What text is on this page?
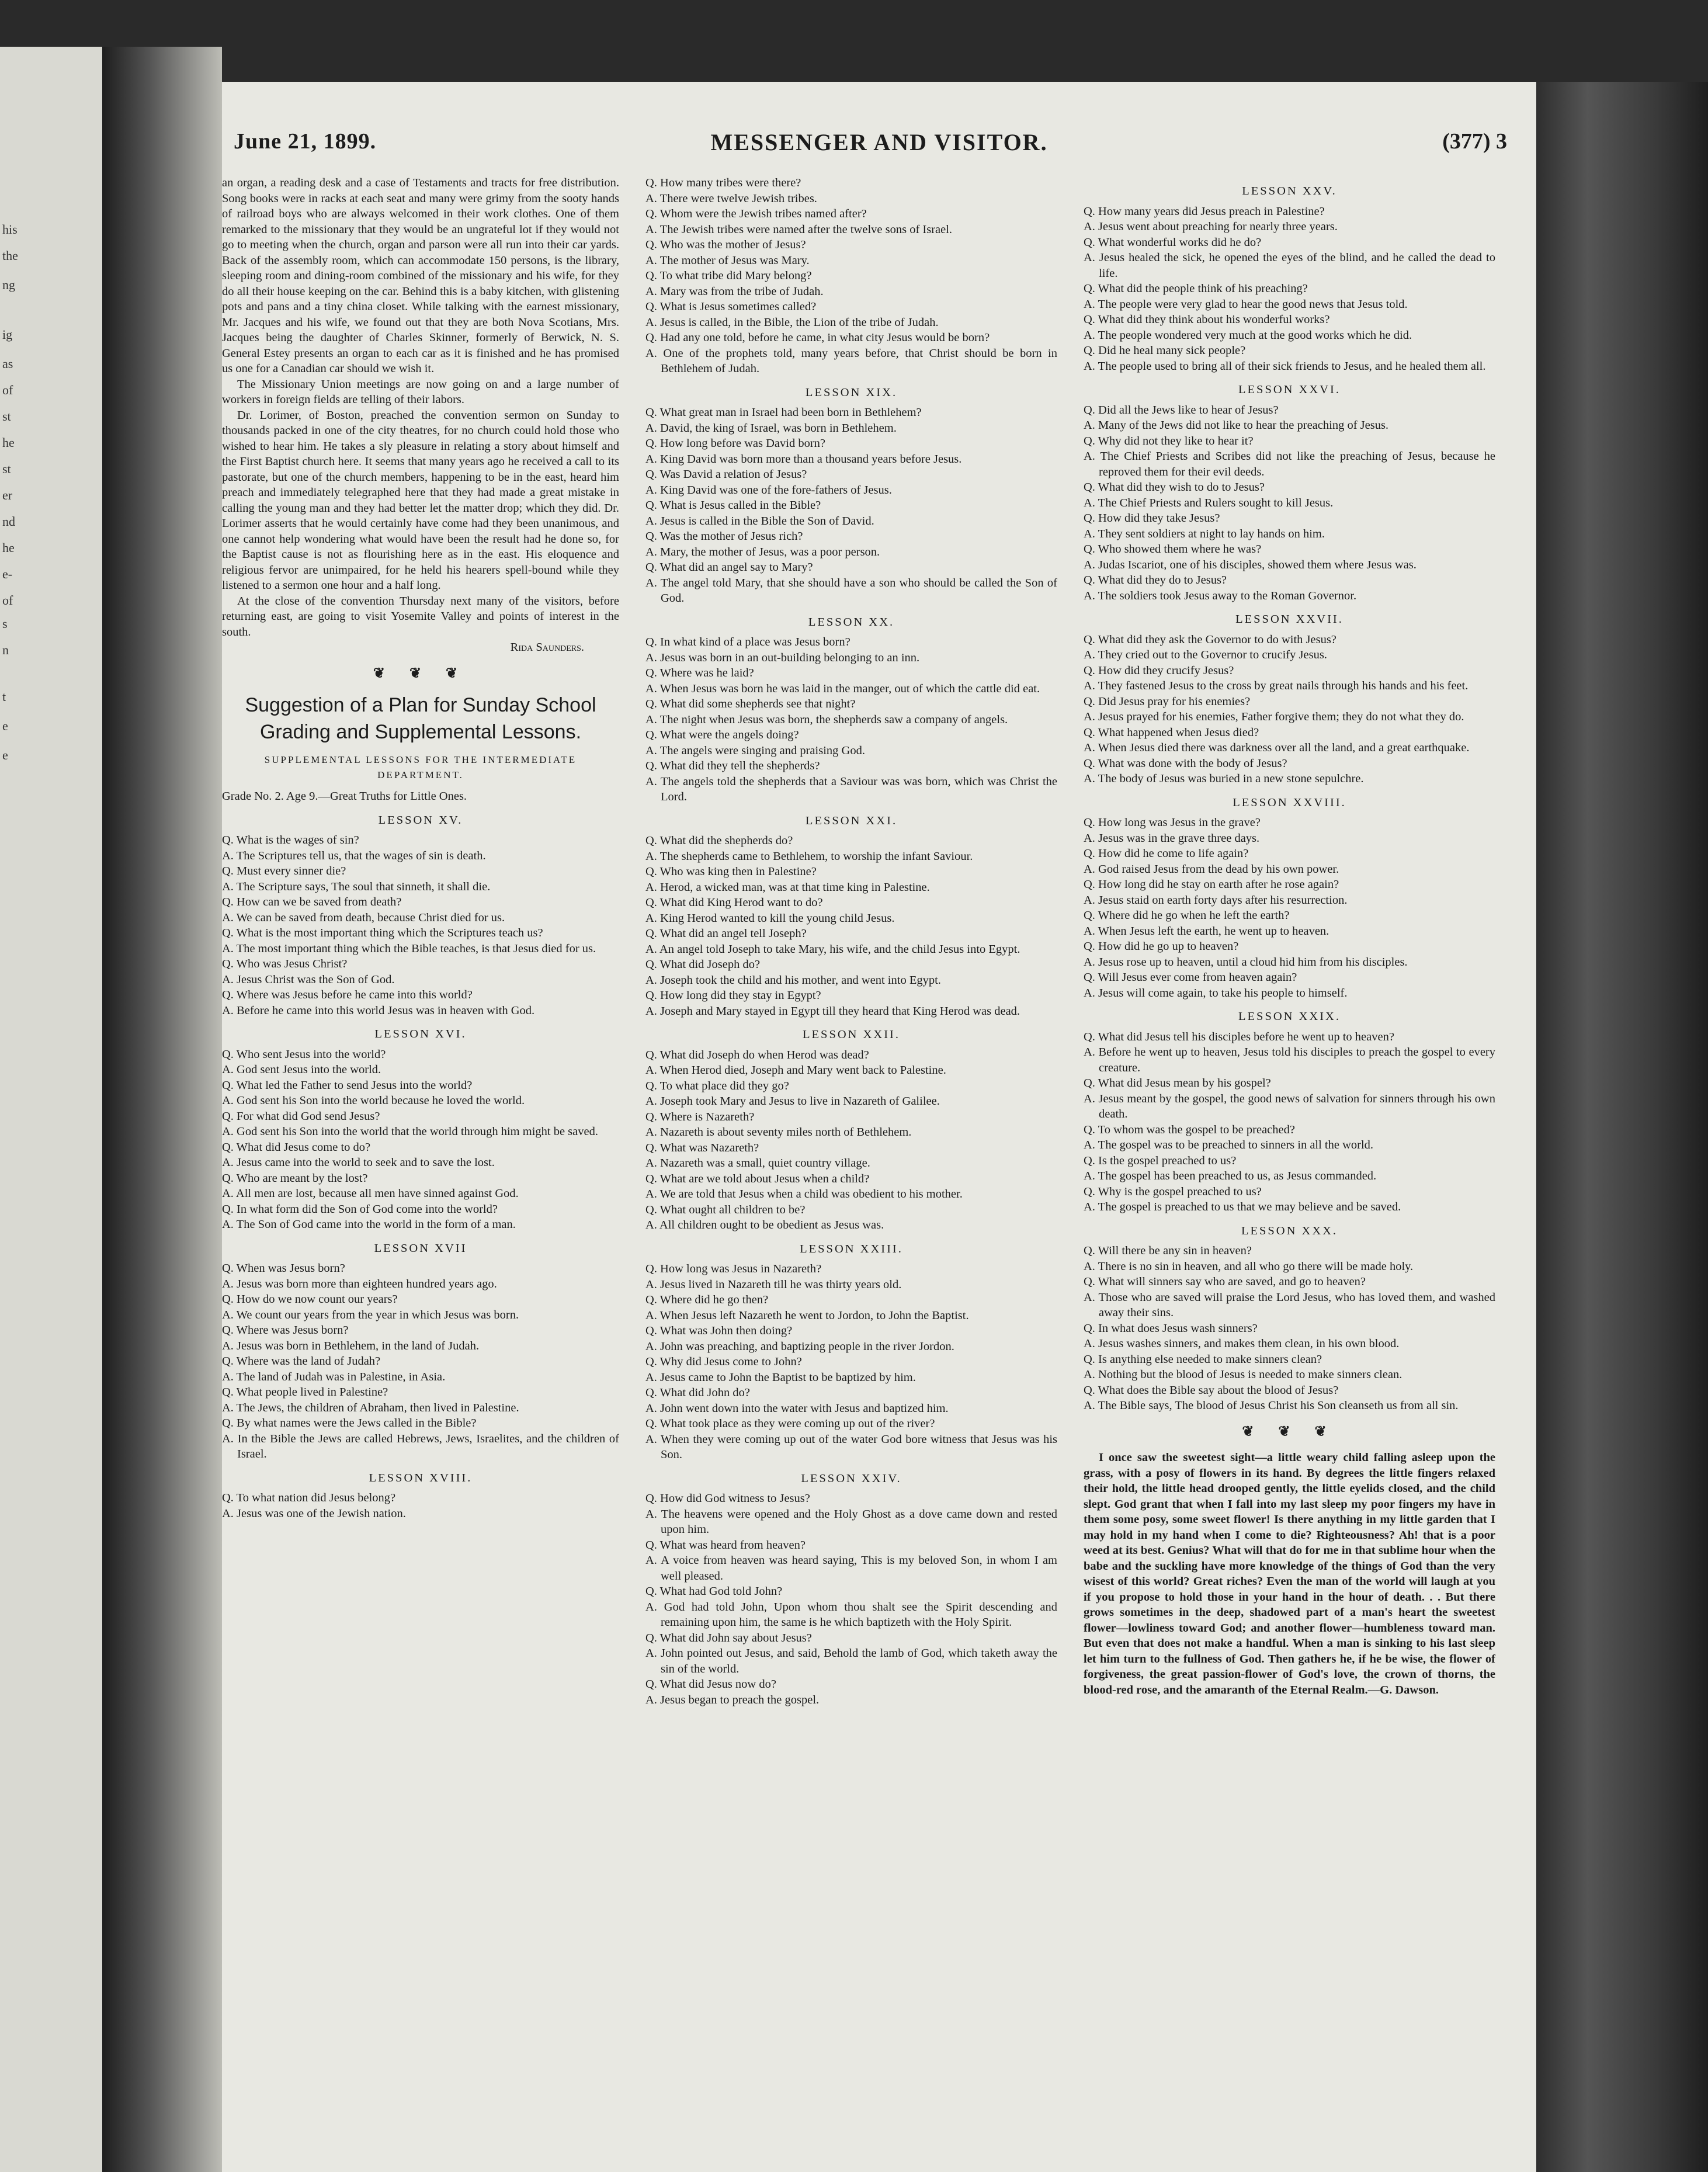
his
the
ng
ig
as
of
st
he
st
er
nd
he
e-
of
s
n
t
e
e
June 21, 1899.	MESSENGER AND VISITOR.	(377) 3

an organ, a reading desk and a case of Testaments and tracts for free distribution. Song books were in racks at each seat and many were grimy from the sooty hands of railroad boys who are always welcomed in their work clothes. One of them remarked to the missionary that they would be an ungrateful lot if they would not go to meeting when the church, organ and parson were all run into their car yards. Back of the assembly room, which can accommodate 150 persons, is the library, sleeping room and dining-room combined of the missionary and his wife, for they do all their house keeping on the car. Behind this is a baby kitchen, with glistening pots and pans and a tiny china closet. While talking with the earnest missionary, Mr. Jacques and his wife, we found out that they are both Nova Scotians, Mrs. Jacques being the daughter of Charles Skinner, formerly of Berwick, N. S. General Estey presents an organ to each car as it is finished and he has promised us one for a Canadian car should we wish it.

The Missionary Union meetings are now going on and a large number of workers in foreign fields are telling of their labors.

Dr. Lorimer, of Boston, preached the convention sermon on Sunday to thousands packed in one of the city theatres, for no church could hold those who wished to hear him. He takes a sly pleasure in relating a story about himself and the First Baptist church here. It seems that many years ago he received a call to its pastorate, but one of the church members, happening to be in the east, heard him preach and immediately telegraphed here that they had made a great mistake in calling the young man and they had better let the matter drop; which they did. Dr. Lorimer asserts that he would certainly have come had they been unanimous, and one cannot help wondering what would have been the result had he done so, for the Baptist cause is not as flourishing here as in the east. His eloquence and religious fervor are unimpaired, for he held his hearers spell-bound while they listened to a sermon one hour and a half long.

At the close of the convention Thursday next many of the visitors, before returning east, are going to visit Yosemite Valley and points of interest in the south.

Rida Saunders.

❦ ❦ ❦
Suggestion of a Plan for Sunday School
Grading and Supplemental Lessons.
SUPPLEMENTAL LESSONS FOR THE INTERMEDIATE
DEPARTMENT.

Grade No. 2. Age 9.—Great Truths for Little Ones.

LESSON XV.

Q. What is the wages of sin?

A. The Scriptures tell us, that the wages of sin is death.

Q. Must every sinner die?

A. The Scripture says, The soul that sinneth, it shall die.

Q. How can we be saved from death?

A. We can be saved from death, because Christ died for us.

Q. What is the most important thing which the Scriptures teach us?

A. The most important thing which the Bible teaches, is that Jesus died for us.

Q. Who was Jesus Christ?

A. Jesus Christ was the Son of God.

Q. Where was Jesus before he came into this world?

A. Before he came into this world Jesus was in heaven with God.

LESSON XVI.

Q. Who sent Jesus into the world?

A. God sent Jesus into the world.

Q. What led the Father to send Jesus into the world?

A. God sent his Son into the world because he loved the world.

Q. For what did God send Jesus?

A. God sent his Son into the world that the world through him might be saved.

Q. What did Jesus come to do?

A. Jesus came into the world to seek and to save the lost.

Q. Who are meant by the lost?

A. All men are lost, because all men have sinned against God.

Q. In what form did the Son of God come into the world?

A. The Son of God came into the world in the form of a man.

LESSON XVII

Q. When was Jesus born?

A. Jesus was born more than eighteen hundred years ago.

Q. How do we now count our years?

A. We count our years from the year in which Jesus was born.

Q. Where was Jesus born?

A. Jesus was born in Bethlehem, in the land of Judah.

Q. Where was the land of Judah?

A. The land of Judah was in Palestine, in Asia.

Q. What people lived in Palestine?

A. The Jews, the children of Abraham, then lived in Palestine.

Q. By what names were the Jews called in the Bible?

A. In the Bible the Jews are called Hebrews, Jews, Israelites, and the children of Israel.

LESSON XVIII.

Q. To what nation did Jesus belong?

A. Jesus was one of the Jewish nation.

Q. How many tribes were there?

A. There were twelve Jewish tribes.

Q. Whom were the Jewish tribes named after?

A. The Jewish tribes were named after the twelve sons of Israel.

Q. Who was the mother of Jesus?

A. The mother of Jesus was Mary.

Q. To what tribe did Mary belong?

A. Mary was from the tribe of Judah.

Q. What is Jesus sometimes called?

A. Jesus is called, in the Bible, the Lion of the tribe of Judah.

Q. Had any one told, before he came, in what city Jesus would be born?

A. One of the prophets told, many years before, that Christ should be born in Bethlehem of Judah.

LESSON XIX.

Q. What great man in Israel had been born in Bethlehem?

A. David, the king of Israel, was born in Bethlehem.

Q. How long before was David born?

A. King David was born more than a thousand years before Jesus.

Q. Was David a relation of Jesus?

A. King David was one of the fore-fathers of Jesus.

Q. What is Jesus called in the Bible?

A. Jesus is called in the Bible the Son of David.

Q. Was the mother of Jesus rich?

A. Mary, the mother of Jesus, was a poor person.

Q. What did an angel say to Mary?

A. The angel told Mary, that she should have a son who should be called the Son of God.

LESSON XX.

Q. In what kind of a place was Jesus born?

A. Jesus was born in an out-building belonging to an inn.

Q. Where was he laid?

A. When Jesus was born he was laid in the manger, out of which the cattle did eat.

Q. What did some shepherds see that night?

A. The night when Jesus was born, the shepherds saw a company of angels.

Q. What were the angels doing?

A. The angels were singing and praising God.

Q. What did they tell the shepherds?

A. The angels told the shepherds that a Saviour was was born, which was Christ the Lord.

LESSON XXI.

Q. What did the shepherds do?

A. The shepherds came to Bethlehem, to worship the infant Saviour.

Q. Who was king then in Palestine?

A. Herod, a wicked man, was at that time king in Palestine.

Q. What did King Herod want to do?

A. King Herod wanted to kill the young child Jesus.

Q. What did an angel tell Joseph?

A. An angel told Joseph to take Mary, his wife, and the child Jesus into Egypt.

Q. What did Joseph do?

A. Joseph took the child and his mother, and went into Egypt.

Q. How long did they stay in Egypt?

A. Joseph and Mary stayed in Egypt till they heard that King Herod was dead.

LESSON XXII.

Q. What did Joseph do when Herod was dead?

A. When Herod died, Joseph and Mary went back to Palestine.

Q. To what place did they go?

A. Joseph took Mary and Jesus to live in Nazareth of Galilee.

Q. Where is Nazareth?

A. Nazareth is about seventy miles north of Bethlehem.

Q. What was Nazareth?

A. Nazareth was a small, quiet country village.

Q. What are we told about Jesus when a child?

A. We are told that Jesus when a child was obedient to his mother.

Q. What ought all children to be?

A. All children ought to be obedient as Jesus was.

LESSON XXIII.

Q. How long was Jesus in Nazareth?

A. Jesus lived in Nazareth till he was thirty years old.

Q. Where did he go then?

A. When Jesus left Nazareth he went to Jordon, to John the Baptist.

Q. What was John then doing?

A. John was preaching, and baptizing people in the river Jordon.

Q. Why did Jesus come to John?

A. Jesus came to John the Baptist to be baptized by him.

Q. What did John do?

A. John went down into the water with Jesus and baptized him.

Q. What took place as they were coming up out of the river?

A. When they were coming up out of the water God bore witness that Jesus was his Son.

LESSON XXIV.

Q. How did God witness to Jesus?

A. The heavens were opened and the Holy Ghost as a dove came down and rested upon him.

Q. What was heard from heaven?

A. A voice from heaven was heard saying, This is my beloved Son, in whom I am well pleased.

Q. What had God told John?

A. God had told John, Upon whom thou shalt see the Spirit descending and remaining upon him, the same is he which baptizeth with the Holy Spirit.

Q. What did John say about Jesus?

A. John pointed out Jesus, and said, Behold the lamb of God, which taketh away the sin of the world.

Q. What did Jesus now do?

A. Jesus began to preach the gospel.

LESSON XXV.

Q. How many years did Jesus preach in Palestine?

A. Jesus went about preaching for nearly three years.

Q. What wonderful works did he do?

A. Jesus healed the sick, he opened the eyes of the blind, and he called the dead to life.

Q. What did the people think of his preaching?

A. The people were very glad to hear the good news that Jesus told.

Q. What did they think about his wonderful works?

A. The people wondered very much at the good works which he did.

Q. Did he heal many sick people?

A. The people used to bring all of their sick friends to Jesus, and he healed them all.

LESSON XXVI.

Q. Did all the Jews like to hear of Jesus?

A. Many of the Jews did not like to hear the preaching of Jesus.

Q. Why did not they like to hear it?

A. The Chief Priests and Scribes did not like the preaching of Jesus, because he reproved them for their evil deeds.

Q. What did they wish to do to Jesus?

A. The Chief Priests and Rulers sought to kill Jesus.

Q. How did they take Jesus?

A. They sent soldiers at night to lay hands on him.

Q. Who showed them where he was?

A. Judas Iscariot, one of his disciples, showed them where Jesus was.

Q. What did they do to Jesus?

A. The soldiers took Jesus away to the Roman Governor.

LESSON XXVII.

Q. What did they ask the Governor to do with Jesus?

A. They cried out to the Governor to crucify Jesus.

Q. How did they crucify Jesus?

A. They fastened Jesus to the cross by great nails through his hands and his feet.

Q. Did Jesus pray for his enemies?

A. Jesus prayed for his enemies, Father forgive them; they do not what they do.

Q. What happened when Jesus died?

A. When Jesus died there was darkness over all the land, and a great earthquake.

Q. What was done with the body of Jesus?

A. The body of Jesus was buried in a new stone sepulchre.

LESSON XXVIII.

Q. How long was Jesus in the grave?

A. Jesus was in the grave three days.

Q. How did he come to life again?

A. God raised Jesus from the dead by his own power.

Q. How long did he stay on earth after he rose again?

A. Jesus staid on earth forty days after his resurrection.

Q. Where did he go when he left the earth?

A. When Jesus left the earth, he went up to heaven.

Q. How did he go up to heaven?

A. Jesus rose up to heaven, until a cloud hid him from his disciples.

Q. Will Jesus ever come from heaven again?

A. Jesus will come again, to take his people to himself.

LESSON XXIX.

Q. What did Jesus tell his disciples before he went up to heaven?

A. Before he went up to heaven, Jesus told his disciples to preach the gospel to every creature.

Q. What did Jesus mean by his gospel?

A. Jesus meant by the gospel, the good news of salvation for sinners through his own death.

Q. To whom was the gospel to be preached?

A. The gospel was to be preached to sinners in all the world.

Q. Is the gospel preached to us?

A. The gospel has been preached to us, as Jesus commanded.

Q. Why is the gospel preached to us?

A. The gospel is preached to us that we may believe and be saved.

LESSON XXX.

Q. Will there be any sin in heaven?

A. There is no sin in heaven, and all who go there will be made holy.

Q. What will sinners say who are saved, and go to heaven?

A. Those who are saved will praise the Lord Jesus, who has loved them, and washed away their sins.

Q. In what does Jesus wash sinners?

A. Jesus washes sinners, and makes them clean, in his own blood.

Q. Is anything else needed to make sinners clean?

A. Nothing but the blood of Jesus is needed to make sinners clean.

Q. What does the Bible say about the blood of Jesus?

A. The Bible says, The blood of Jesus Christ his Son cleanseth us from all sin.

❦ ❦ ❦

I once saw the sweetest sight—a little weary child falling asleep upon the grass, with a posy of flowers in its hand. By degrees the little fingers relaxed their hold, the little head drooped gently, the little eyelids closed, and the child slept. God grant that when I fall into my last sleep my poor fingers my have in them some posy, some sweet flower! Is there anything in my little garden that I may hold in my hand when I come to die? Righteousness? Ah! that is a poor weed at its best. Genius? What will that do for me in that sublime hour when the babe and the suckling have more knowledge of the things of God than the very wisest of this world? Great riches? Even the man of the world will laugh at you if you propose to hold those in your hand in the hour of death. . . But there grows sometimes in the deep, shadowed part of a man's heart the sweetest flower—lowliness toward God; and another flower—humbleness toward man. But even that does not make a handful. When a man is sinking to his last sleep let him turn to the fullness of God. Then gathers he, if he be wise, the flower of forgiveness, the great passion-flower of God's love, the crown of thorns, the blood-red rose, and the amaranth of the Eternal Realm.—G. Dawson.
